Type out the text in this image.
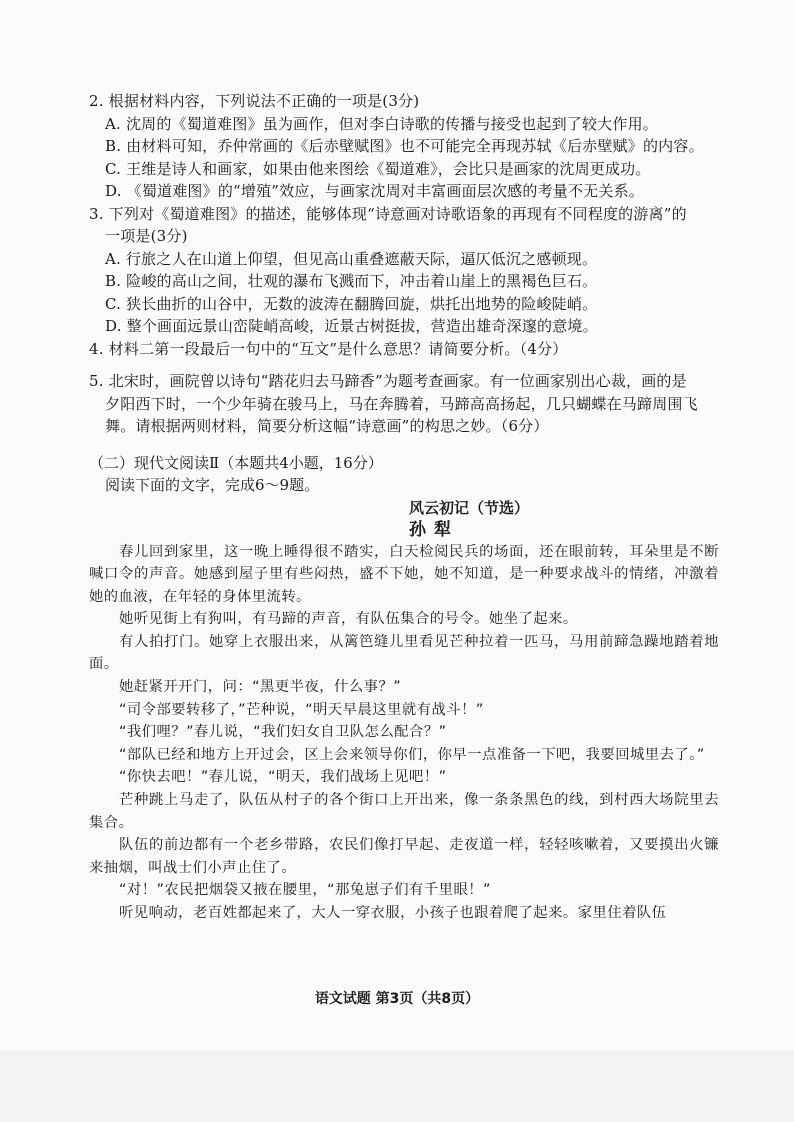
2. 根据材料内容，下列说法不正确的一项是(3分)
A. 沈周的《蜀道难图》虽为画作，但对李白诗歌的传播与接受也起到了较大作用。
B. 由材料可知，乔仲常画的《后赤壁赋图》也不可能完全再现苏轼《后赤壁赋》的内容。
C. 王维是诗人和画家，如果由他来图绘《蜀道难》，会比只是画家的沈周更成功。
D. 《蜀道难图》的“增殖”效应，与画家沈周对丰富画面层次感的考量不无关系。
3. 下列对《蜀道难图》的描述，能够体现“诗意画对诗歌语象的再现有不同程度的游离”的
一项是(3分)
A. 行旅之人在山道上仰望，但见高山重叠遮蔽天际，逼仄低沉之感顿现。
B. 险峻的高山之间，壮观的瀑布飞溅而下，冲击着山崖上的黑褐色巨石。
C. 狭长曲折的山谷中，无数的波涛在翻腾回旋，烘托出地势的险峻陡峭。
D. 整个画面远景山峦陡峭高峻，近景古树挺拔，营造出雄奇深邃的意境。
4. 材料二第一段最后一句中的“互文”是什么意思？请简要分析。（4分）
5. 北宋时，画院曾以诗句“踏花归去马蹄香”为题考查画家。有一位画家别出心裁，画的是
夕阳西下时，一个少年骑在骏马上，马在奔腾着，马蹄高高扬起，几只蝴蝶在马蹄周围飞
舞。请根据两则材料，简要分析这幅“诗意画”的构思之妙。（6分）
（二）现代文阅读Ⅱ（本题共4小题，16分）
阅读下面的文字，完成6～9题。
风云初记（节选）
孙犁

春儿回到家里，这一晚上睡得很不踏实，白天检阅民兵的场面，还在眼前转，耳朵里是不断喊口令的声音。她感到屋子里有些闷热，盛不下她，她不知道，是一种要求战斗的情绪，冲激着她的血液，在年轻的身体里流转。

她听见街上有狗叫，有马蹄的声音，有队伍集合的号令。她坐了起来。

有人拍打门。她穿上衣服出来，从篱笆缝儿里看见芒种拉着一匹马，马用前蹄急躁地踏着地面。

她赶紧开开门，问：“黑更半夜，什么事？”

“司令部要转移了，”芒种说，“明天早晨这里就有战斗！”

“我们哩？”春儿说，“我们妇女自卫队怎么配合？”

“部队已经和地方上开过会，区上会来领导你们，你早一点准备一下吧，我要回城里去了。”

“你快去吧！”春儿说，“明天，我们战场上见吧！”

芒种跳上马走了，队伍从村子的各个街口上开出来，像一条条黑色的线，到村西大场院里去集合。

队伍的前边都有一个老乡带路，农民们像打早起、走夜道一样，轻轻咳嗽着，又要摸出火镰来抽烟，叫战士们小声止住了。

“对！”农民把烟袋又掖在腰里，“那兔崽子们有千里眼！”

听见响动，老百姓都起来了，大人一穿衣服，小孩子也跟着爬了起来。家里住着队伍

语文试题 第3页（共8页）
